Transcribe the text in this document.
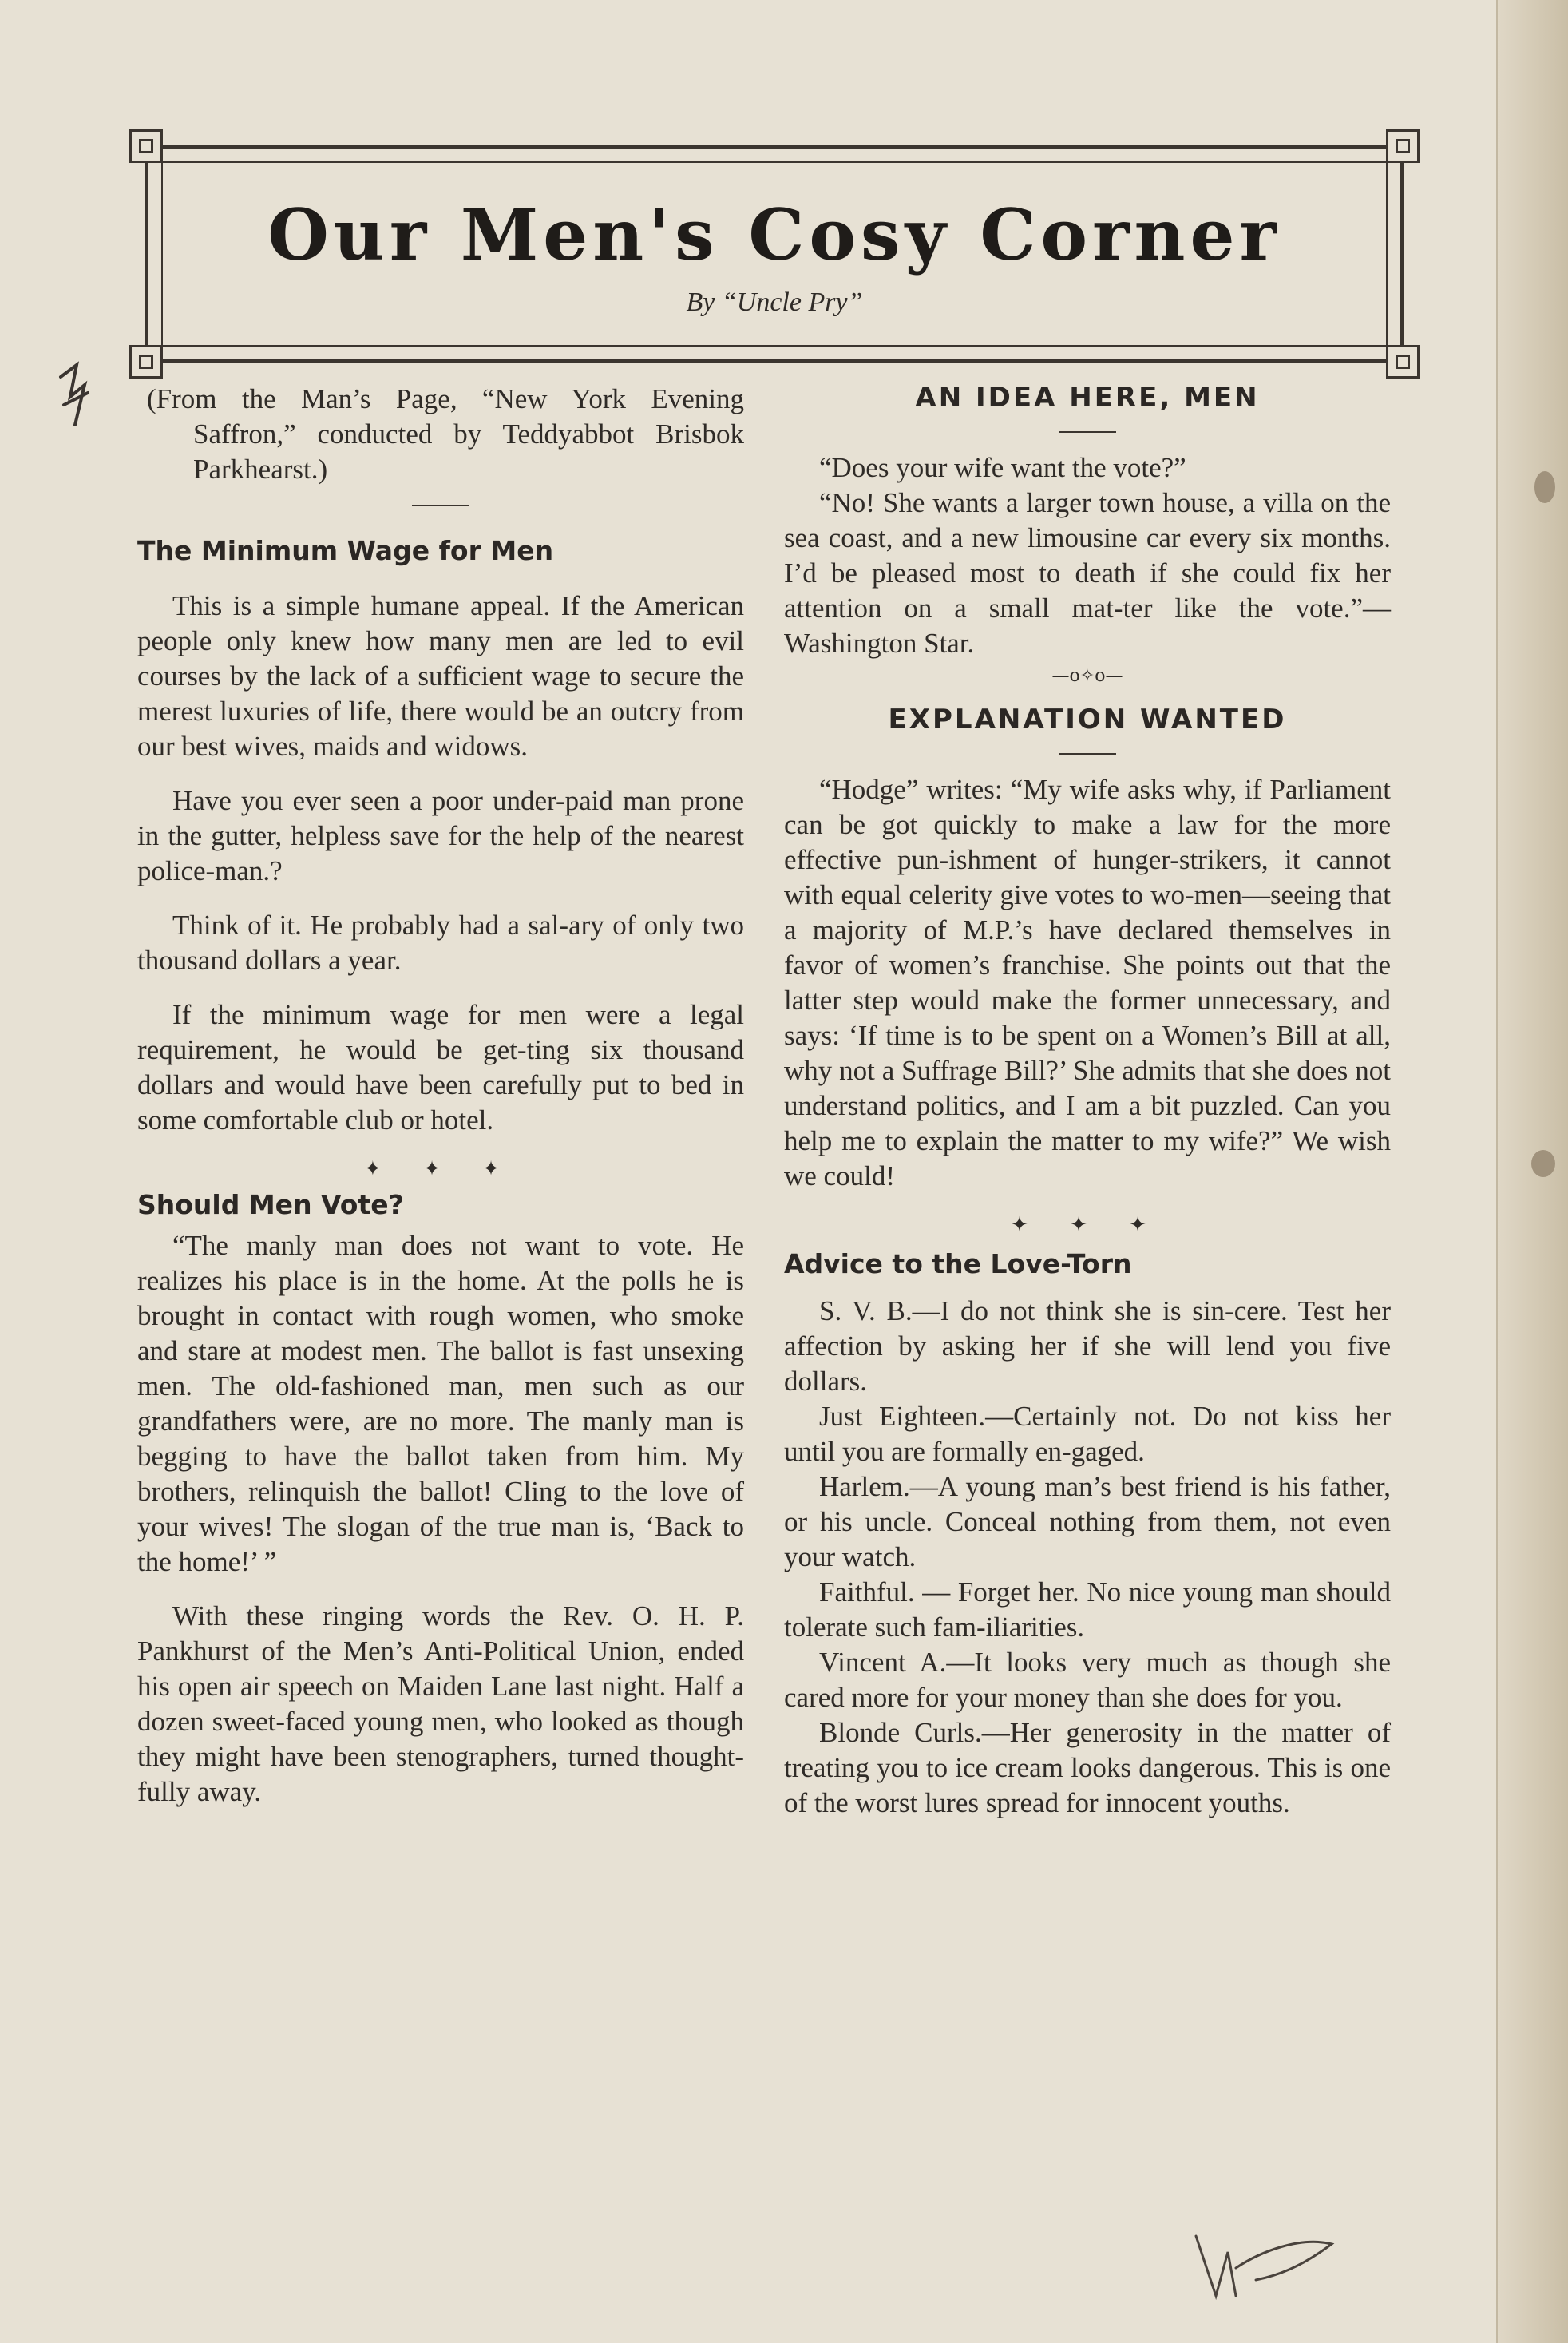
Our Men's Cosy Corner
By “Uncle Pry”

(From the Man’s Page, “New York Evening Saffron,” conducted by Teddyabbot Brisbok Parkhearst.)

The Minimum Wage for Men

This is a simple humane appeal. If the American people only knew how many men are led to evil courses by the lack of a sufficient wage to secure the merest luxuries of life, there would be an outcry from our best wives, maids and widows.

Have you ever seen a poor under-paid man prone in the gutter, helpless save for the help of the nearest police-man.?

Think of it. He probably had a sal-ary of only two thousand dollars a year.

If the minimum wage for men were a legal requirement, he would be get-ting six thousand dollars and would have been carefully put to bed in some comfortable club or hotel.

✦ ✦ ✦
Should Men Vote?

“The manly man does not want to vote. He realizes his place is in the home. At the polls he is brought in contact with rough women, who smoke and stare at modest men. The ballot is fast unsexing men. The old-fashioned man, men such as our grandfathers were, are no more. The manly man is begging to have the ballot taken from him. My brothers, relinquish the ballot! Cling to the love of your wives! The slogan of the true man is, ‘Back to the home!’ ”

With these ringing words the Rev. O. H. P. Pankhurst of the Men’s Anti-Political Union, ended his open air speech on Maiden Lane last night. Half a dozen sweet-faced young men, who looked as though they might have been stenographers, turned thought-fully away.

AN IDEA HERE, MEN

“Does your wife want the vote?”

“No! She wants a larger town house, a villa on the sea coast, and a new limousine car every six months. I’d be pleased most to death if she could fix her attention on a small mat-ter like the vote.”—Washington Star.

—o✧o—
EXPLANATION WANTED

“Hodge” writes: “My wife asks why, if Parliament can be got quickly to make a law for the more effective pun-ishment of hunger-strikers, it cannot with equal celerity give votes to wo-men—seeing that a majority of M.P.’s have declared themselves in favor of women’s franchise. She points out that the latter step would make the former unnecessary, and says: ‘If time is to be spent on a Women’s Bill at all, why not a Suffrage Bill?’ She admits that she does not understand politics, and I am a bit puzzled. Can you help me to explain the matter to my wife?” We wish we could!

✦ ✦ ✦
Advice to the Love-Torn

S. V. B.—I do not think she is sin-cere. Test her affection by asking her if she will lend you five dollars.

Just Eighteen.—Certainly not. Do not kiss her until you are formally en-gaged.

Harlem.—A young man’s best friend is his father, or his uncle. Conceal nothing from them, not even your watch.

Faithful. — Forget her. No nice young man should tolerate such fam-iliarities.

Vincent A.—It looks very much as though she cared more for your money than she does for you.

Blonde Curls.—Her generosity in the matter of treating you to ice cream looks dangerous. This is one of the worst lures spread for innocent youths.
